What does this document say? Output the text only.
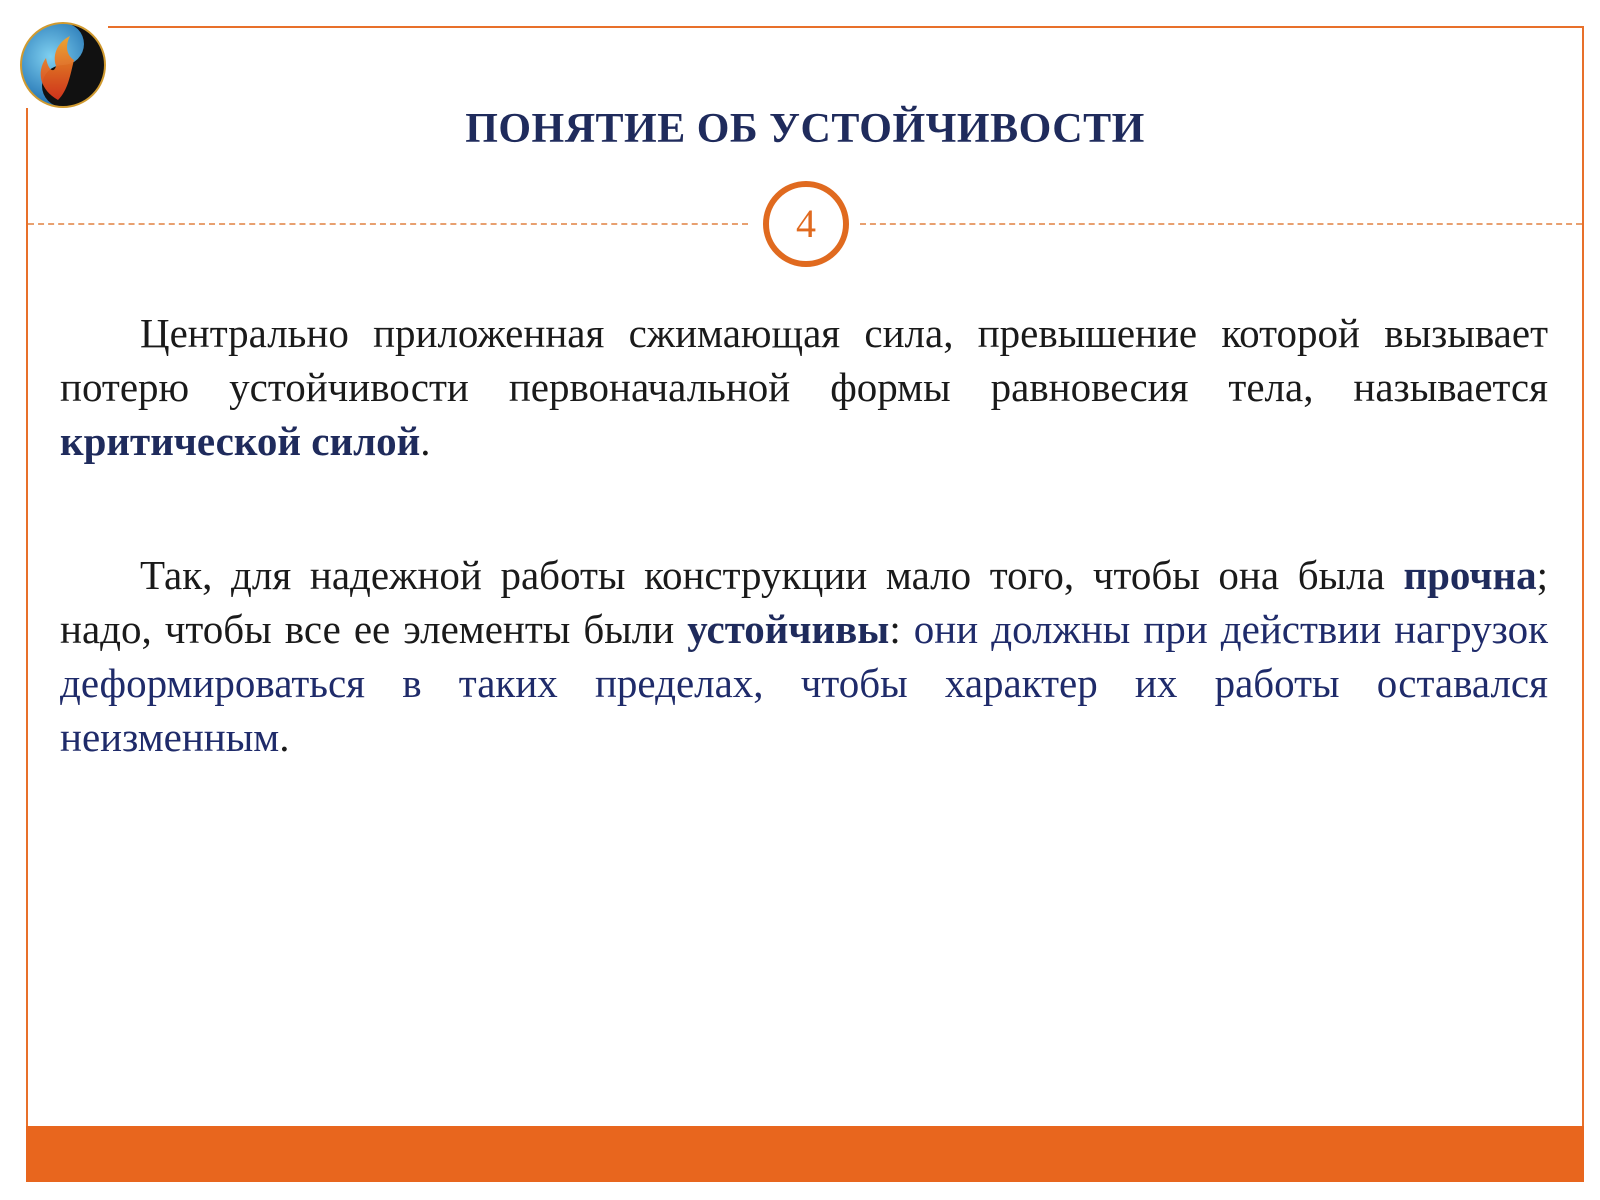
ПОНЯТИЕ ОБ УСТОЙЧИВОСТИ
4

Центрально приложенная сжимающая сила, превышение которой вызывает потерю устойчивости первоначальной формы равновесия тела, называется критической силой.

Так, для надежной работы конструкции мало того, чтобы она была прочна; надо, чтобы все ее элементы были устойчивы: они должны при действии нагрузок деформироваться в таких пределах, чтобы характер их работы оставался неизменным.
